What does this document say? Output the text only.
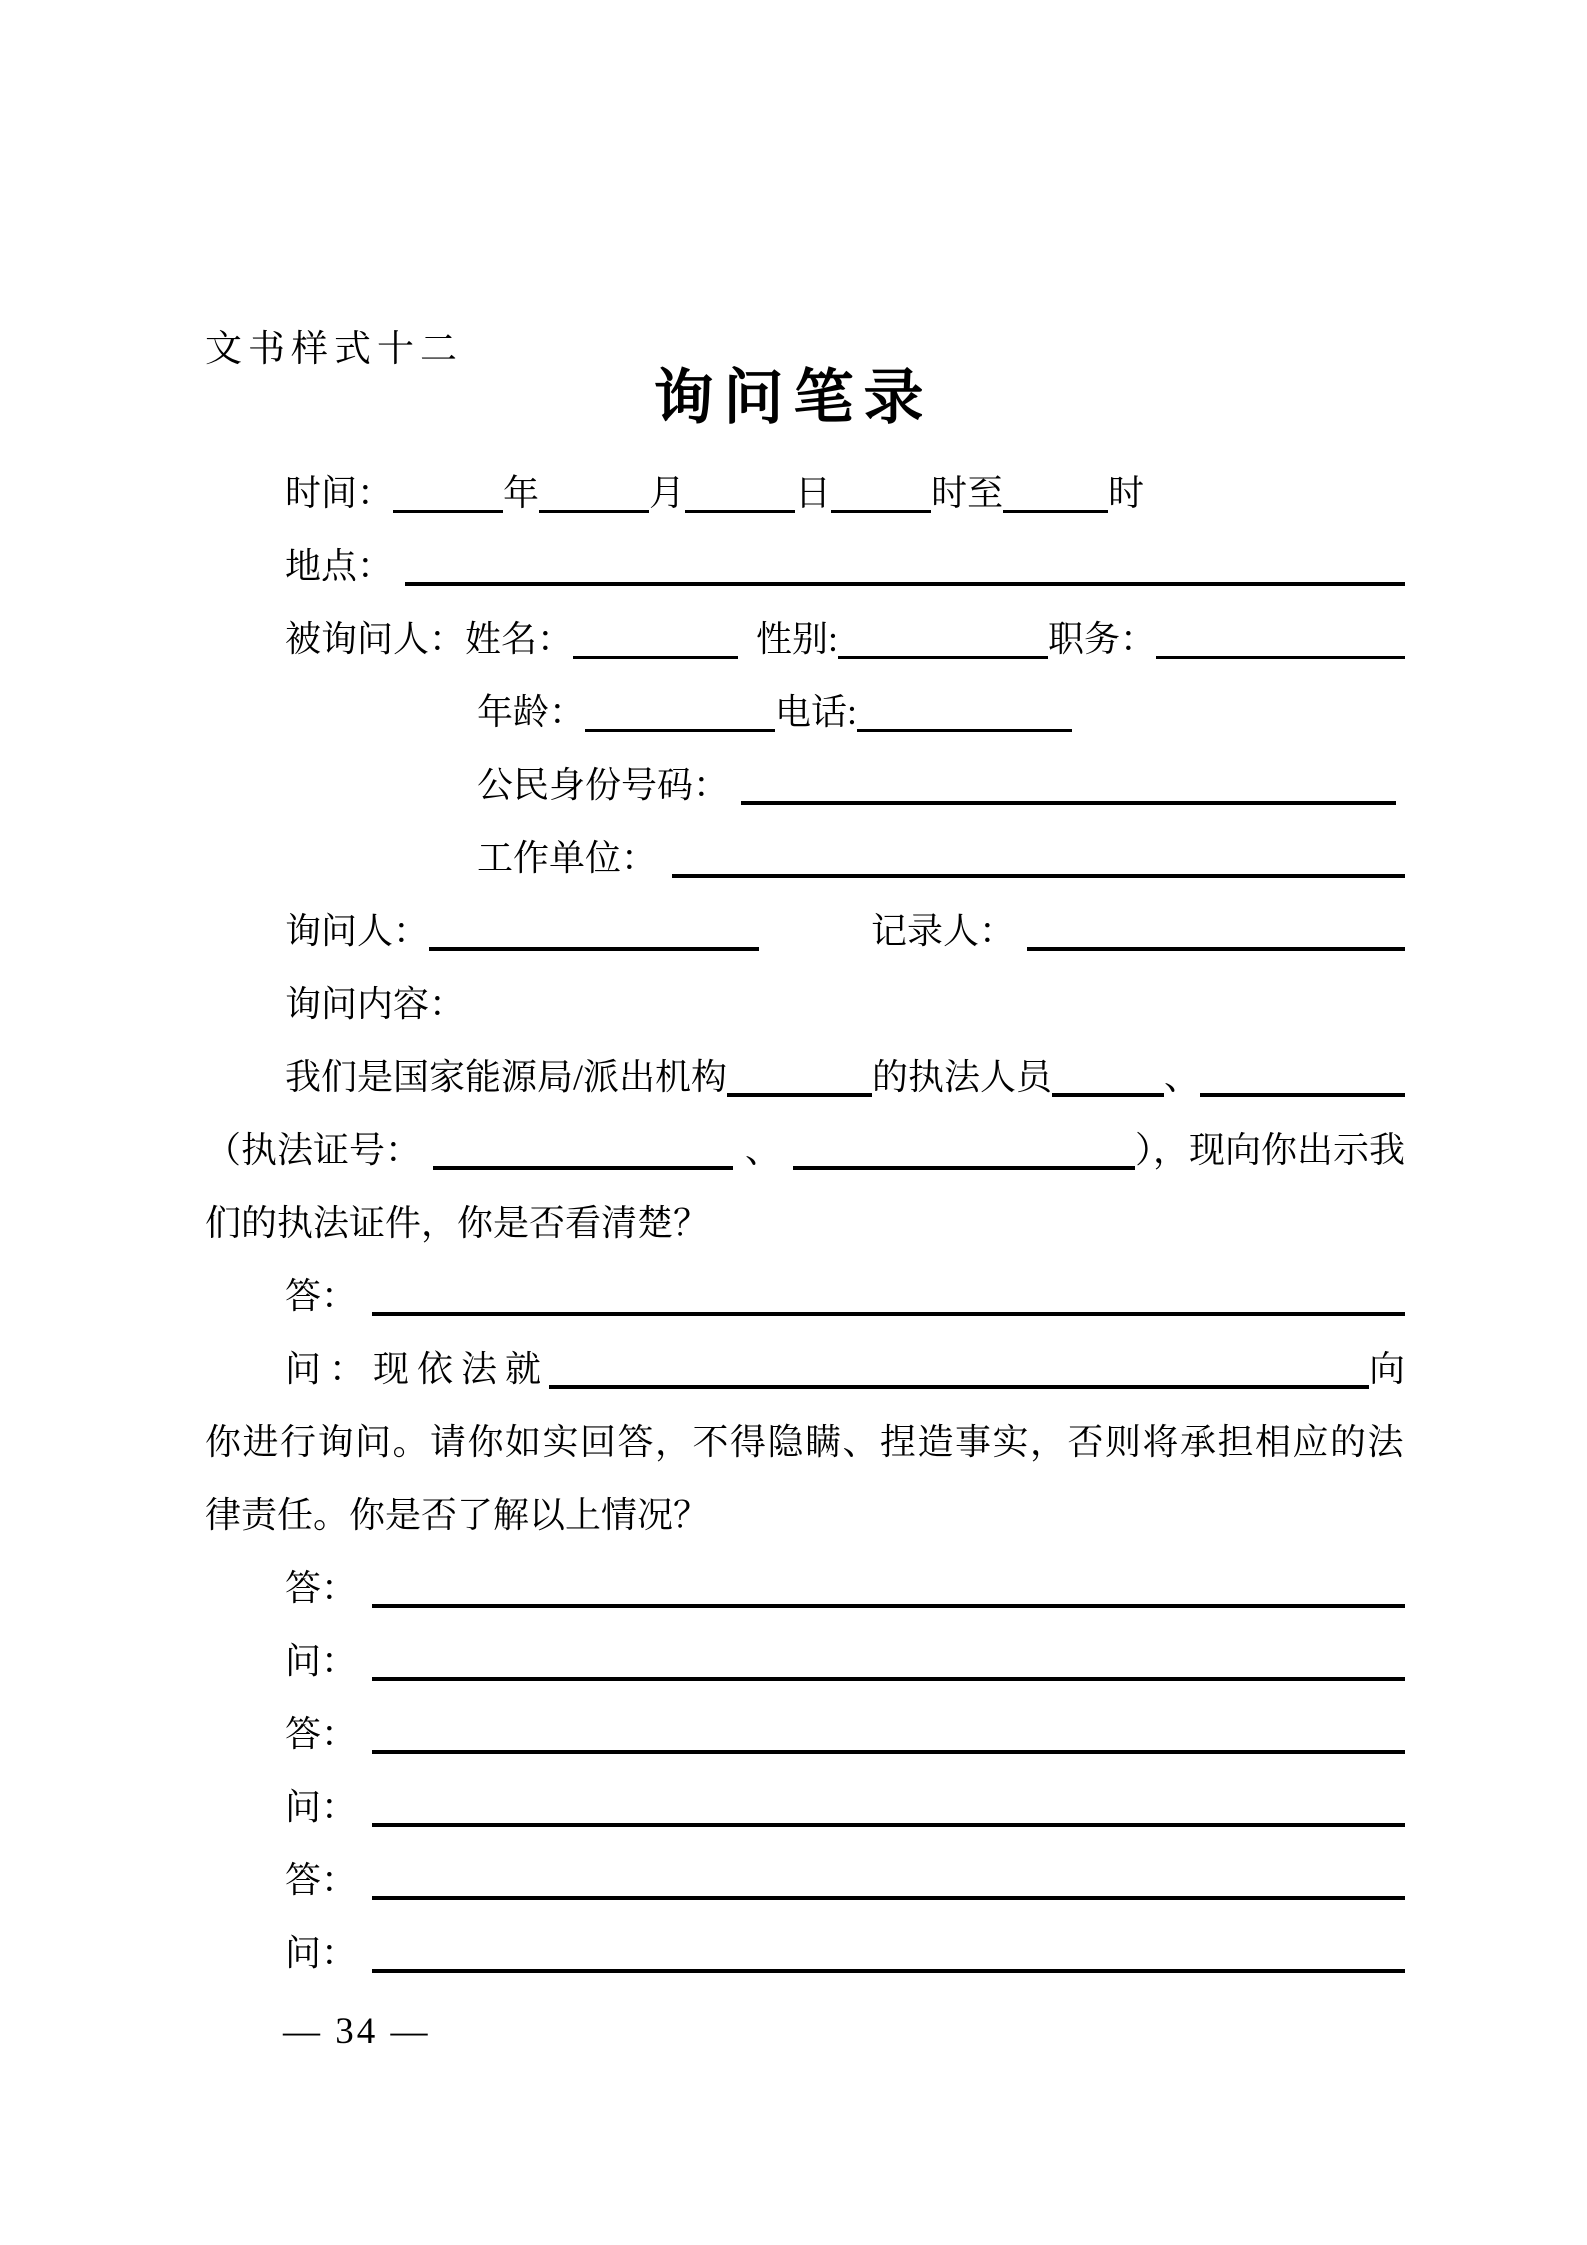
文书样式十二
询问笔录
时间：	年	月	日	时至	时
地点：
被询问人： 姓名：	性别:	职务：
年龄：	电话:
公民身份号码：
工作单位：
询问人：	记录人：
询问内容：
我们是国家能源局/派出机构	的执法人员	、
（执法证号：	、	），现向你出示我
们的执法证件，你是否看清楚？
答：
问：现依法就	向
你进行询问。请你如实回答，不得隐瞒、捏造事实，否则将承担相应的法
律责任。你是否了解以上情况？
答：
问：
答：
问：
答：
问：
— 34 —
